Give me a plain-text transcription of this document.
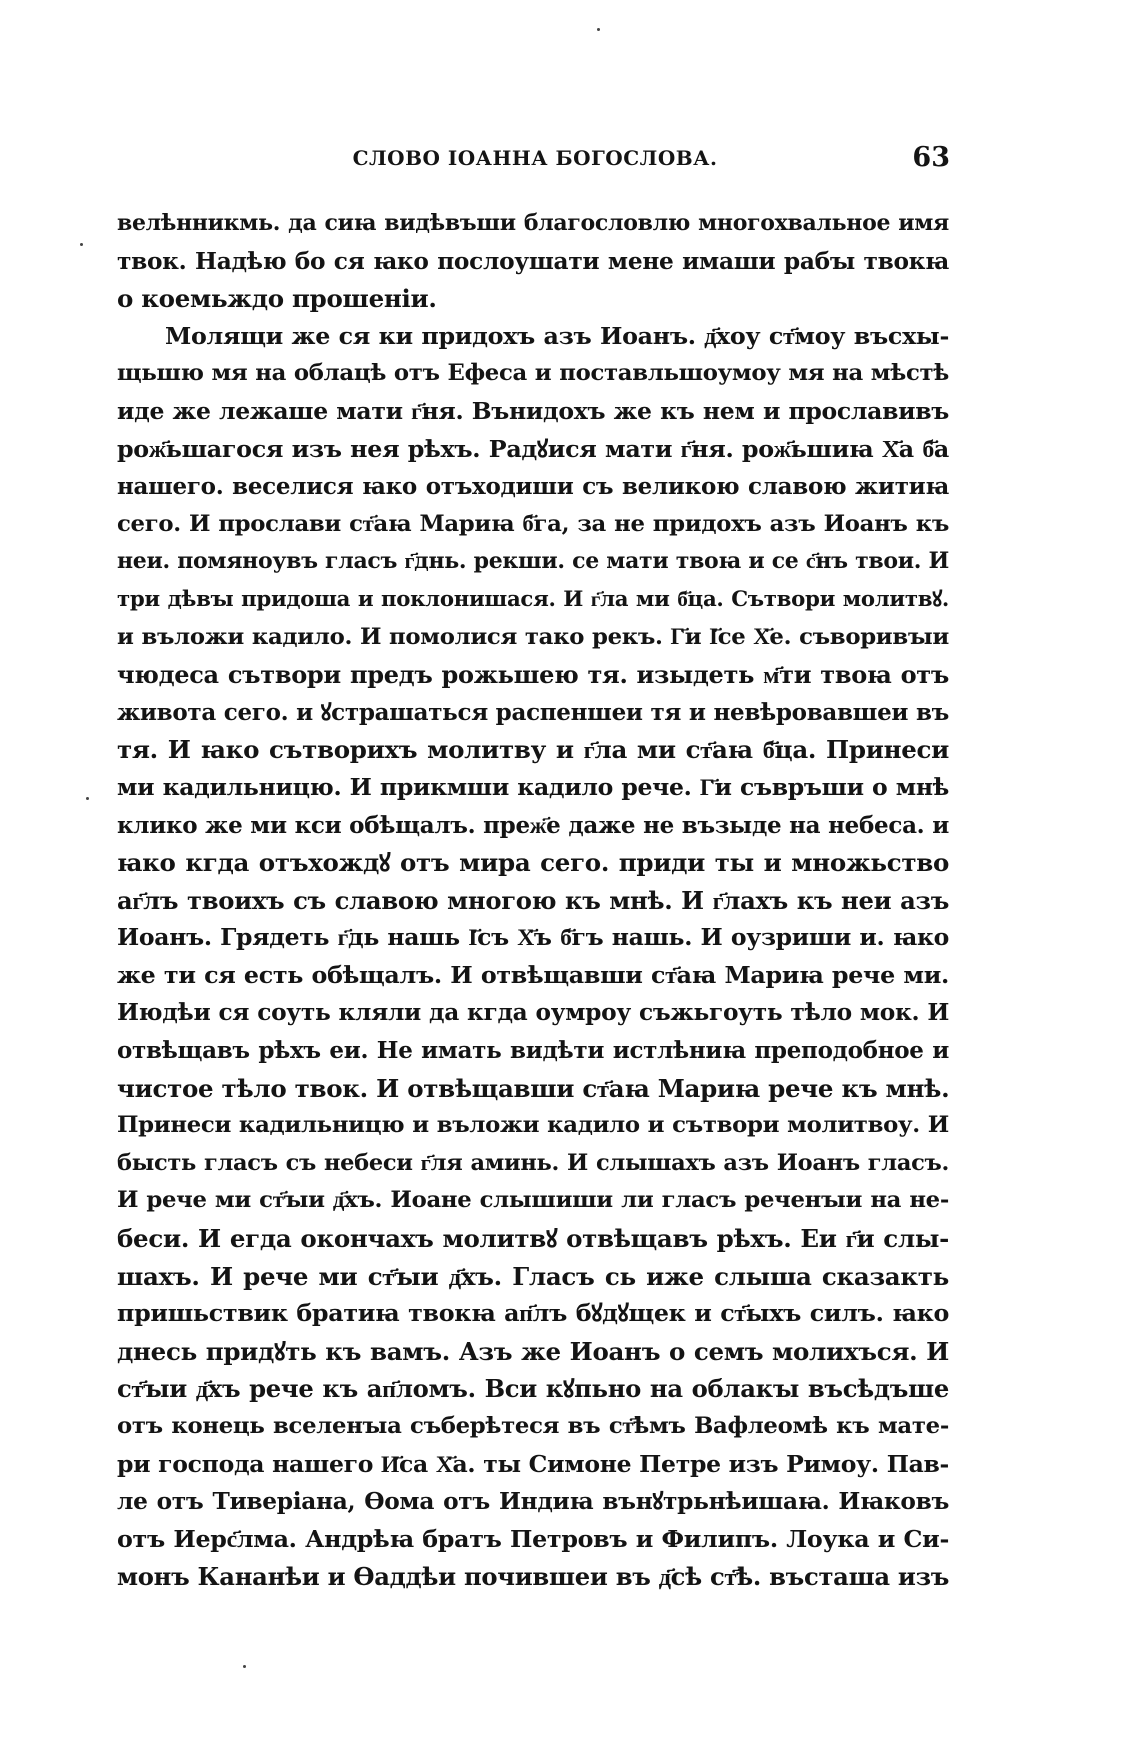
СЛОВО ІОАННА БОГОСЛОВА.	63
велѣнникмь. да сиꙗ видѣвъши благословлю многохвальное имя
твок. Надѣю бо ся ꙗко послоушати мене имаши рабꙑ твокꙗ
о коемьждо прошеніи.
Молящи же ся ки придохъ азъ Иоанъ. д҃хоу ст҃моу въсхы-
щьшю мя на облацѣ отъ Ефеса и поставльшоумоу мя на мѣстѣ
иде же лежаше мати г҃ня. Вънидохъ же къ нем и прославивъ
рож҃ьшагося изъ нея рѣхъ. Радꙋися мати г҃ня. рож҃ьшиꙗ Х҃а б҃а
нашего. веселися ꙗко отъходиши съ великою славою житиꙗ
сего. И прослави ст҃аꙗ Мариꙗ б҃га, за не придохъ азъ Иоанъ къ
неи. помяноувъ гласъ г҃днь. рекши. се мати твоꙗ и се с҃нъ твои. И
три дѣвꙑ придоша и поклонишася. И г҃ла ми б҃ца. Сътвори молитвꙋ.
и въложи кадило. И помолися тако рекъ. Г҃и І҃се Х҃е. съворивꙑи
чюдеса сътвори предъ рожьшею тя. изыдеть м҃ти твоꙗ отъ
живота сего. и ꙋстрашаться распеншеи тя и невѣровавшеи въ
тя. И ꙗко сътворихъ молитву и г҃ла ми ст҃аꙗ б҃ца. Принеси
ми кадильницю. И прикмши кадило рече. Г҃и съвръши о мнѣ
клико же ми кси обѣщалъ. преж҃е даже не възыде на небеса. и
ꙗко кгда отъхождꙋ отъ мира сего. приди ты и множьство
аг҃лъ твоихъ съ славою многою къ мнѣ. И г҃лахъ къ неи азъ
Иоанъ. Грядеть г҃дь нашь І҃съ Х҃ъ б҃гъ нашь. И оузриши и. ꙗко
же ти ся есть обѣщалъ. И отвѣщавши ст҃аꙗ Мариꙗ рече ми.
Июдѣи ся соуть кляли да кгда оумроу съжьгоуть тѣло мок. И
отвѣщавъ рѣхъ еи. Не имать видѣти истлѣниꙗ преподобное и
чистое тѣло твок. И отвѣщавши ст҃аꙗ Мариꙗ рече къ мнѣ.
Принеси кадильницю и въложи кадило и сътвори молитвоу. И
бысть гласъ съ небеси г҃ля аминь. И слышахъ азъ Иоанъ гласъ.
И рече ми ст҃ꙑи д҃хъ. Иоане слышиши ли гласъ реченꙑи на не-
беси. И егда окончахъ молитвꙋ отвѣщавъ рѣхъ. Еи г҃и слы-
шахъ. И рече ми ст҃ꙑи д҃хъ. Гласъ сь иже слыша сказакть
пришьствик братиꙗ твокꙗ ап҃лъ бꙋдꙋщек и ст҃ыхъ силъ. ꙗко
днесь придꙋть къ вамъ. Азъ же Иоанъ о семъ молихъся. И
ст҃ꙑи д҃хъ рече къ ап҃ломъ. Вси кꙋпьно на облакꙑ въсѣдъше
отъ конець вселенꙑа съберѣтеся въ ст҃ѣмъ Вафлеомѣ къ мате-
ри господа нашего И҃са Х҃а. ты Симоне Петре изъ Римоу. Пав-
ле отъ Тиверіана, Ѳома отъ Индиꙗ вънꙋтрьнѣишаꙗ. Иꙗковъ
отъ Иерс҃лма. Андрѣꙗ братъ Петровъ и Филипъ. Лоука и Си-
монъ Кананѣи и Ѳаддѣи почившеи въ д҃сѣ ст҃ѣ. въсташа изъ
